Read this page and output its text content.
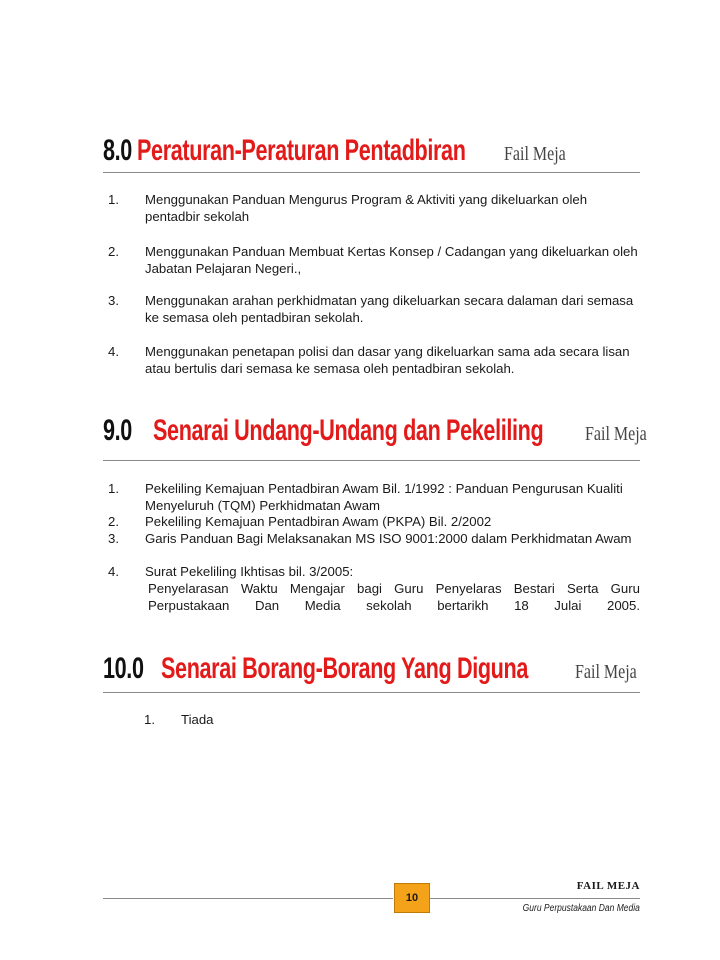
8.0 Peraturan-Peraturan Pentadbiran Fail Meja
1. Menggunakan Panduan Mengurus Program & Aktiviti yang dikeluarkan oleh pentadbir sekolah
2. Menggunakan Panduan Membuat Kertas Konsep / Cadangan yang dikeluarkan oleh Jabatan Pelajaran Negeri.,
3. Menggunakan arahan perkhidmatan yang dikeluarkan secara dalaman dari semasa ke semasa oleh pentadbiran sekolah.
4. Menggunakan penetapan polisi dan dasar yang dikeluarkan sama ada secara lisan atau bertulis dari semasa ke semasa oleh pentadbiran sekolah.
9.0 Senarai Undang-Undang dan Pekeliling Fail Meja
1. Pekeliling Kemajuan Pentadbiran Awam Bil. 1/1992 : Panduan Pengurusan Kualiti Menyeluruh (TQM) Perkhidmatan Awam
2. Pekeliling Kemajuan Pentadbiran Awam (PKPA) Bil. 2/2002
3. Garis Panduan Bagi Melaksanakan MS ISO 9001:2000 dalam Perkhidmatan Awam
4. Surat Pekeliling Ikhtisas bil. 3/2005:
Penyelarasan Waktu Mengajar bagi Guru Penyelaras Bestari Serta Guru Perpustakaan Dan Media sekolah bertarikh 18 Julai 2005.
10.0 Senarai Borang-Borang Yang Diguna Fail Meja
1. Tiada
10
FAIL MEJA
Guru Perpustakaan Dan Media
